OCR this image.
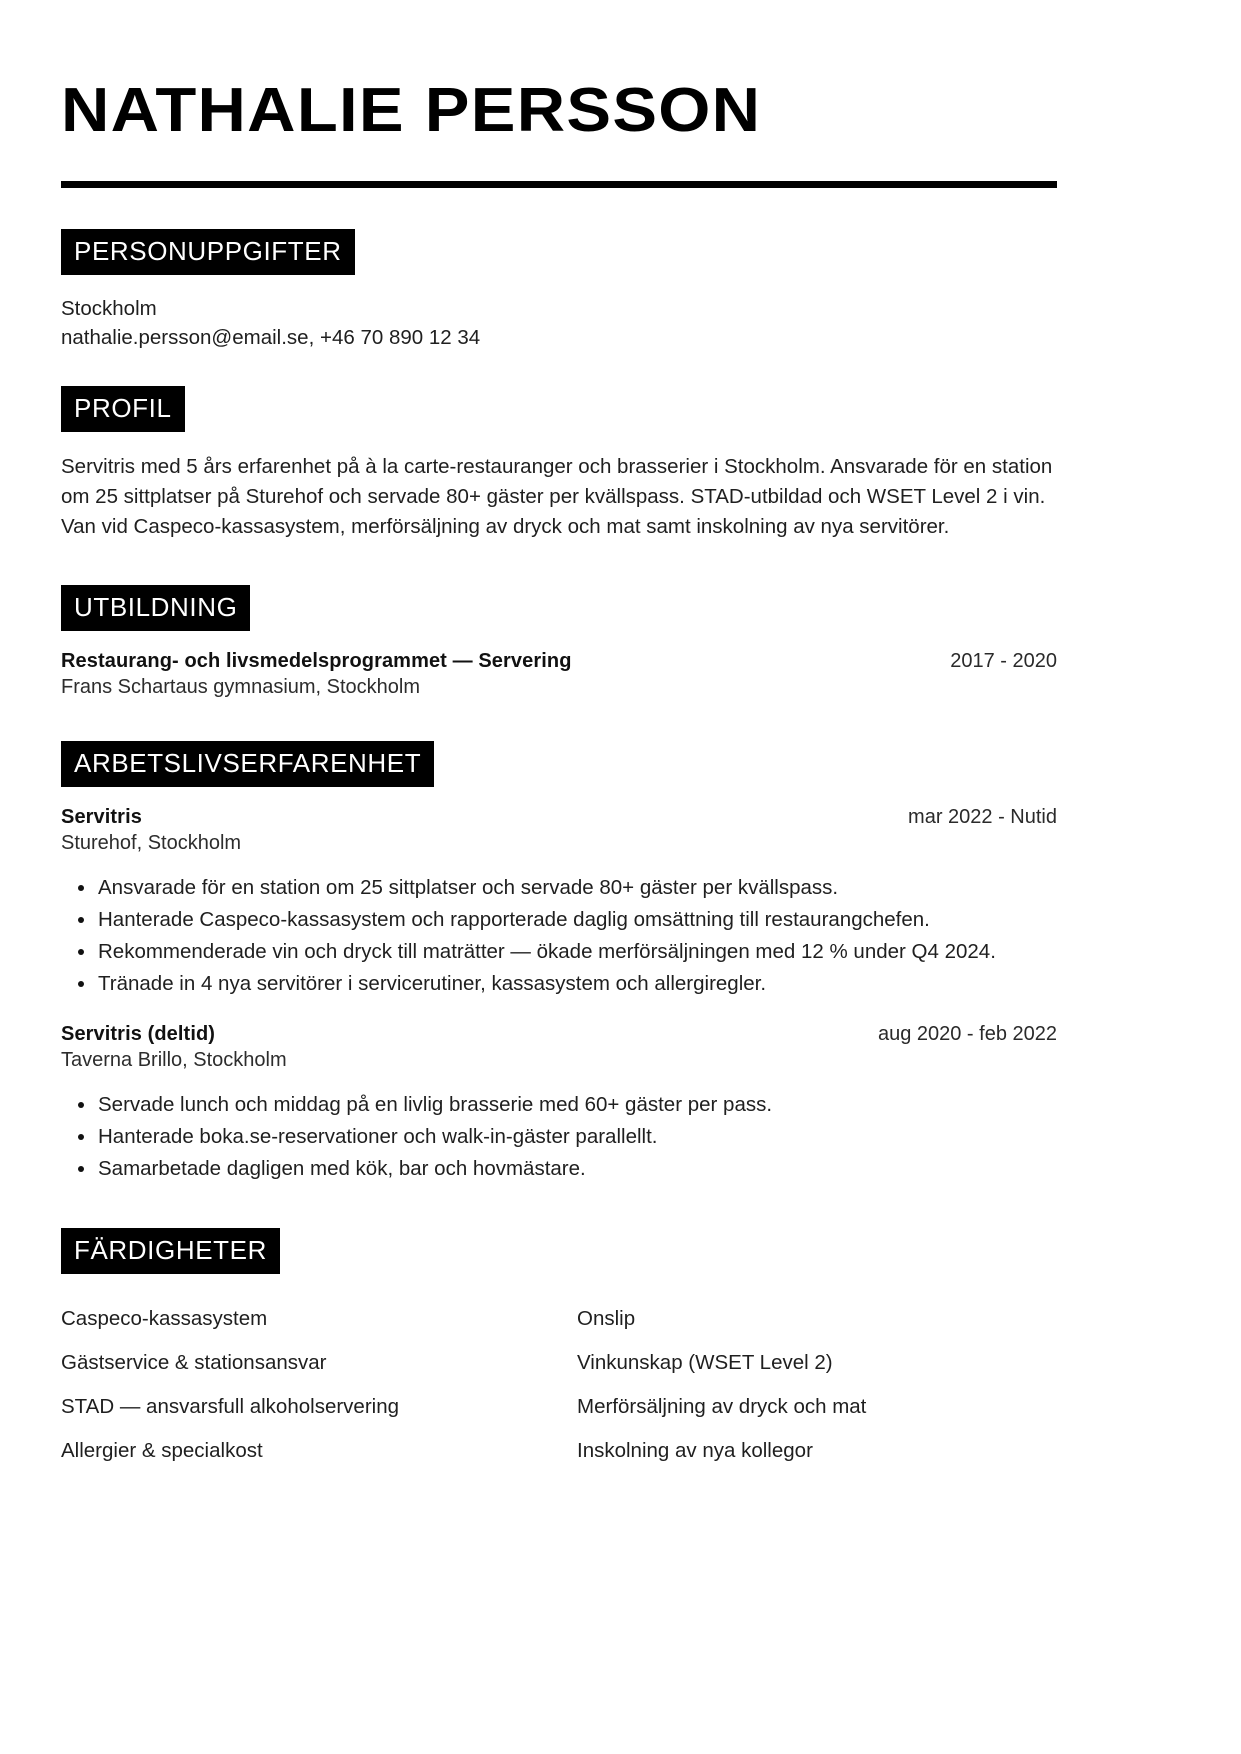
NATHALIE PERSSON
PERSONUPPGIFTER

Stockholm

nathalie.persson@email.se, +46 70 890 12 34

PROFIL

Servitris med 5 års erfarenhet på à la carte-restauranger och brasserier i Stockholm. Ansvarade för en station om 25 sittplatser på Sturehof och servade 80+ gäster per kvällspass. STAD-utbildad och WSET Level 2 i vin. Van vid Caspeco-kassasystem, merförsäljning av dryck och mat samt inskolning av nya servitörer.

UTBILDNING
Restaurang- och livsmedelsprogrammet — Servering	2017 - 2020
Frans Schartaus gymnasium, Stockholm
ARBETSLIVSERFARENHET
Servitris	mar 2022 - Nutid
Sturehof, Stockholm
Ansvarade för en station om 25 sittplatser och servade 80+ gäster per kvällspass.
Hanterade Caspeco-kassasystem och rapporterade daglig omsättning till restaurangchefen.
Rekommenderade vin och dryck till maträtter — ökade merförsäljningen med 12 % under Q4 2024.
Tränade in 4 nya servitörer i servicerutiner, kassasystem och allergiregler.
Servitris (deltid)	aug 2020 - feb 2022
Taverna Brillo, Stockholm
Servade lunch och middag på en livlig brasserie med 60+ gäster per pass.
Hanterade boka.se-reservationer och walk-in-gäster parallellt.
Samarbetade dagligen med kök, bar och hovmästare.
FÄRDIGHETER
Caspeco-kassasystem	Onslip
Gästservice & stationsansvar	Vinkunskap (WSET Level 2)
STAD — ansvarsfull alkoholservering	Merförsäljning av dryck och mat
Allergier & specialkost	Inskolning av nya kollegor
